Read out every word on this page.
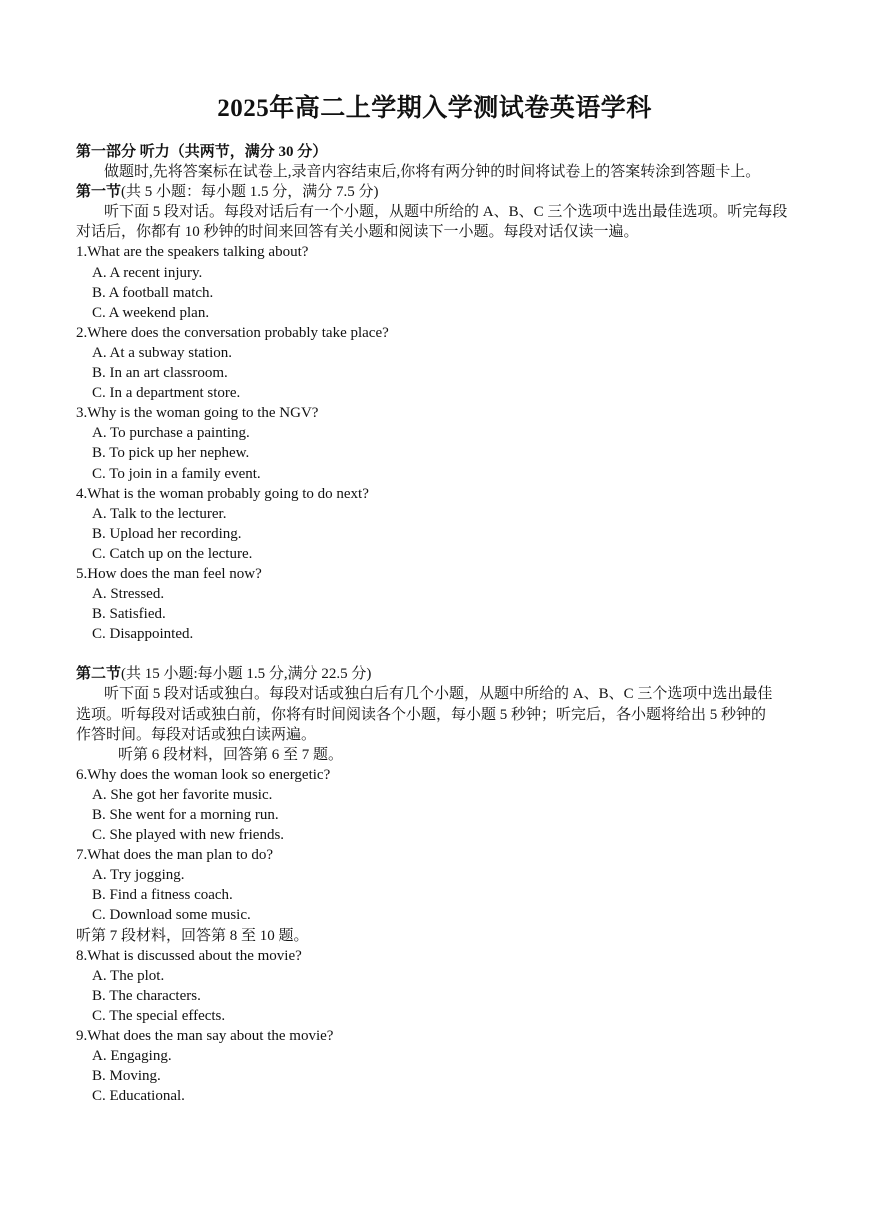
2025年高二上学期入学测试卷英语学科
第一部分 听力（共两节，满分 30 分）
做题时,先将答案标在试卷上,录音内容结束后,你将有两分钟的时间将试卷上的答案转涂到答题卡上。
第一节(共 5 小题：每小题 1.5 分，满分 7.5 分)
听下面 5 段对话。每段对话后有一个小题，从题中所给的 A、B、C 三个选项中选出最佳选项。听完每段
对话后，你都有 10 秒钟的时间来回答有关小题和阅读下一小题。每段对话仅读一遍。
1.What are the speakers talking about?
A. A recent injury.
B. A football match.
C. A weekend plan.
2.Where does the conversation probably take place?
A. At a subway station.
B. In an art classroom.
C. In a department store.
3.Why is the woman going to the NGV?
A. To purchase a painting.
B. To pick up her nephew.
C. To join in a family event.
4.What is the woman probably going to do next?
A. Talk to the lecturer.
B. Upload her recording.
C. Catch up on the lecture.
5.How does the man feel now?
A. Stressed.
B. Satisfied.
C. Disappointed.
第二节(共 15 小题:每小题 1.5 分,满分 22.5 分)
听下面 5 段对话或独白。每段对话或独白后有几个小题，从题中所给的 A、B、C 三个选项中选出最佳
选项。听每段对话或独白前，你将有时间阅读各个小题，每小题 5 秒钟；听完后，各小题将给出 5 秒钟的
作答时间。每段对话或独白读两遍。
听第 6 段材料，回答第 6 至 7 题。
6.Why does the woman look so energetic?
A. She got her favorite music.
B. She went for a morning run.
C. She played with new friends.
7.What does the man plan to do?
A. Try jogging.
B. Find a fitness coach.
C. Download some music.
听第 7 段材料，回答第 8 至 10 题。
8.What is discussed about the movie?
A. The plot.
B. The characters.
C. The special effects.
9.What does the man say about the movie?
A. Engaging.
B. Moving.
C. Educational.
